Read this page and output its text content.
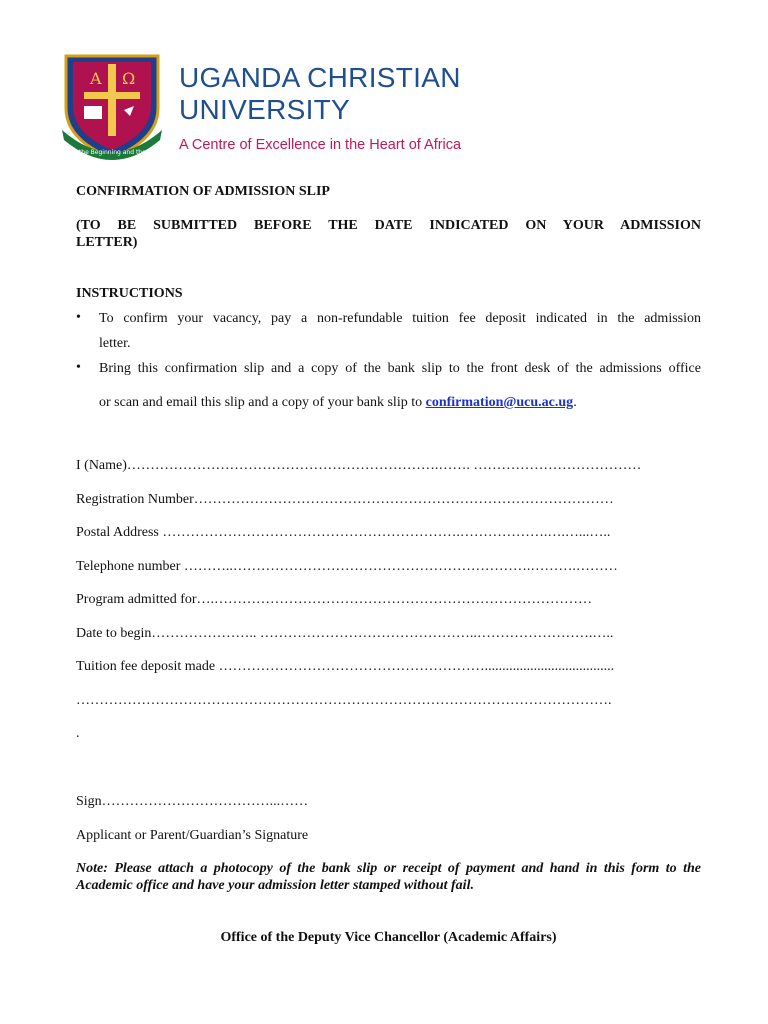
Α Ω
God the Beginning and the End
UGANDA CHRISTIAN
UNIVERSITY
A Centre of Excellence in the Heart of Africa
CONFIRMATION OF ADMISSION SLIP
(TO BE SUBMITTED BEFORE THE DATE INDICATED ON YOUR ADMISSION
LETTER)
INSTRUCTIONS
• To confirm your vacancy, pay a non-refundable tuition fee deposit indicated in the admission
letter.
• Bring this confirmation slip and a copy of the bank slip to the front desk of the admissions office
or scan and email this slip and a copy of your bank slip to confirmation@ucu.ac.ug.
I (Name)………………………………………………………….……. ………………………………
Registration Number………………………………………………………………………………
Postal Address ……………………………………………………….……………….….…...…..
Telephone number ………..……………………………………………………….……….………
Program admitted for….………………………………………………………………………
Date to begin………………….. ………………………………………..…………………….…..
Tuition fee deposit made ………………………………………………….....................................
…………………………………………………………………………………………………….
.
Sign………………………………...……
Applicant or Parent/Guardian’s Signature
Note: Please attach a photocopy of the bank slip or receipt of payment and hand in this form to the Academic office and have your admission letter stamped without fail.
Office of the Deputy Vice Chancellor (Academic Affairs)
